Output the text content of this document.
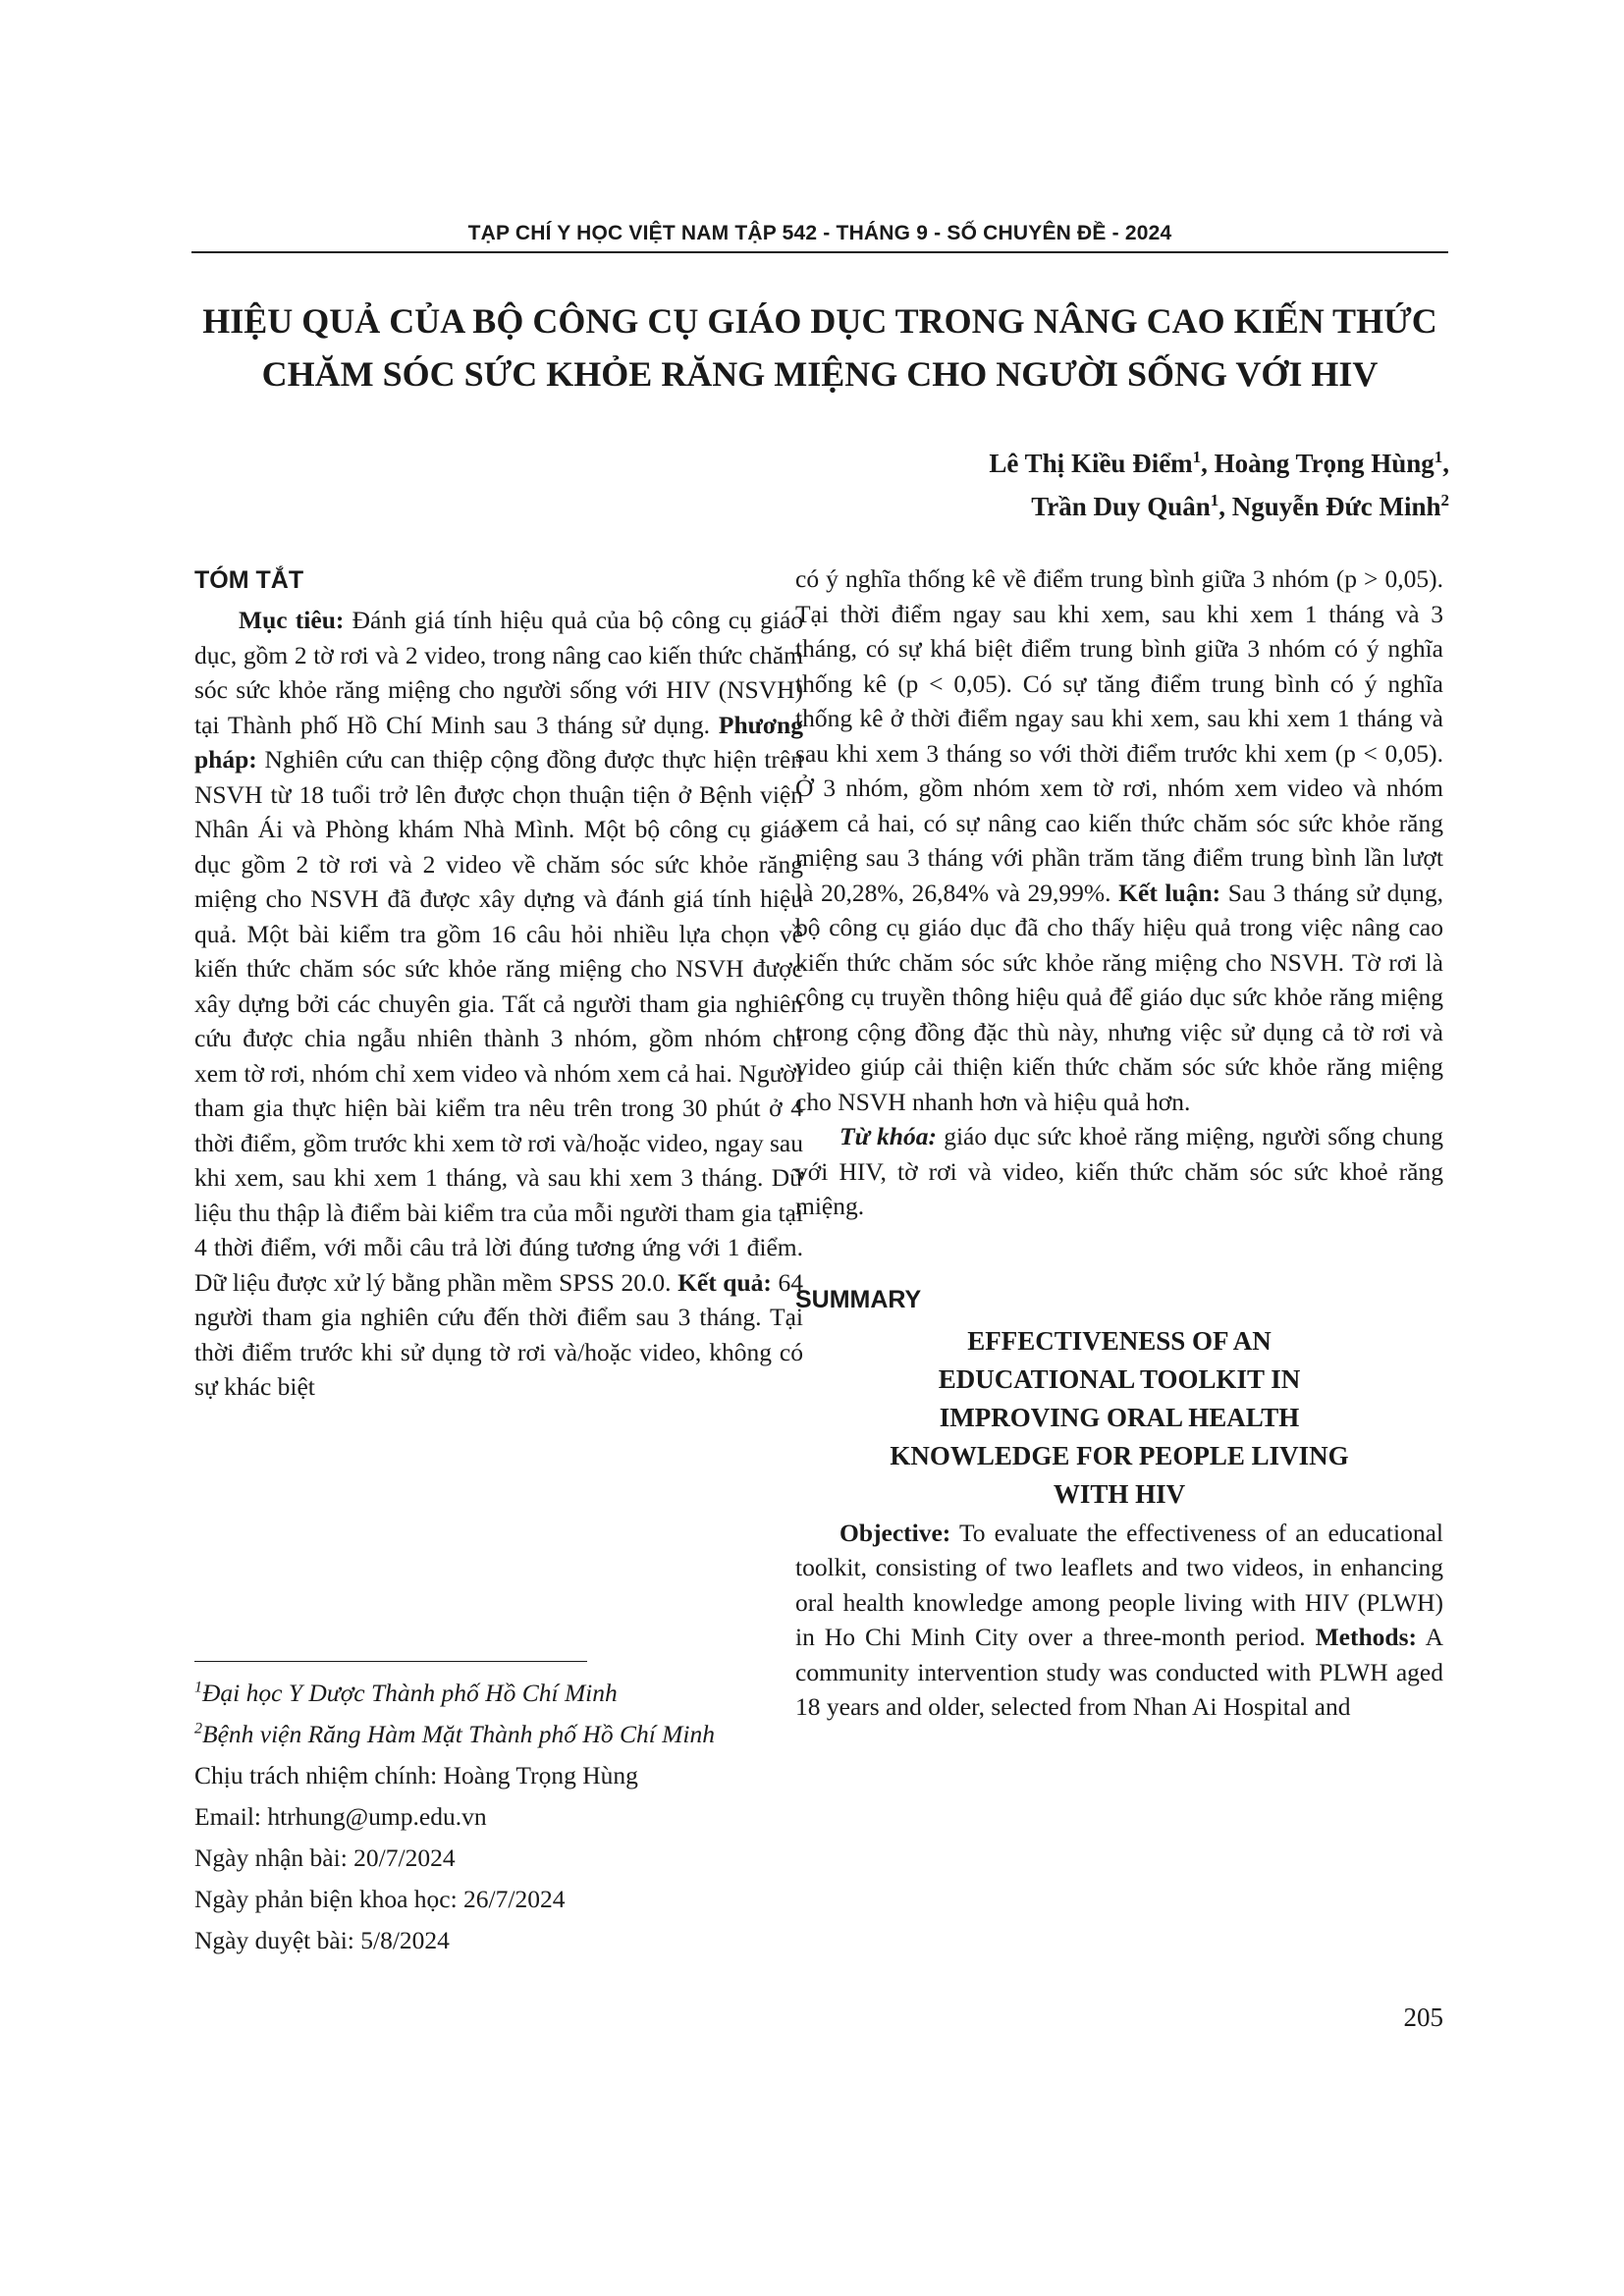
TẠP CHÍ Y HỌC VIỆT NAM TẬP 542 - THÁNG 9 - SỐ CHUYÊN ĐỀ - 2024
HIỆU QUẢ CỦA BỘ CÔNG CỤ GIÁO DỤC TRONG NÂNG CAO KIẾN THỨC
CHĂM SÓC SỨC KHỎE RĂNG MIỆNG CHO NGƯỜI SỐNG VỚI HIV
Lê Thị Kiều Điểm$^1$, Hoàng Trọng Hùng$^1$,
Trần Duy Quân$^1$, Nguyễn Đức Minh$^2$
TÓM TẮT

Mục tiêu: Đánh giá tính hiệu quả của bộ công cụ giáo dục, gồm 2 tờ rơi và 2 video, trong nâng cao kiến thức chăm sóc sức khỏe răng miệng cho người sống với HIV (NSVH) tại Thành phố Hồ Chí Minh sau 3 tháng sử dụng. Phương pháp: Nghiên cứu can thiệp cộng đồng được thực hiện trên NSVH từ 18 tuổi trở lên được chọn thuận tiện ở Bệnh viện Nhân Ái và Phòng khám Nhà Mình. Một bộ công cụ giáo dục gồm 2 tờ rơi và 2 video về chăm sóc sức khỏe răng miệng cho NSVH đã được xây dựng và đánh giá tính hiệu quả. Một bài kiểm tra gồm 16 câu hỏi nhiều lựa chọn về kiến thức chăm sóc sức khỏe răng miệng cho NSVH được xây dựng bởi các chuyên gia. Tất cả người tham gia nghiên cứu được chia ngẫu nhiên thành 3 nhóm, gồm nhóm chỉ xem tờ rơi, nhóm chỉ xem video và nhóm xem cả hai. Người tham gia thực hiện bài kiểm tra nêu trên trong 30 phút ở 4 thời điểm, gồm trước khi xem tờ rơi và/hoặc video, ngay sau khi xem, sau khi xem 1 tháng, và sau khi xem 3 tháng. Dữ liệu thu thập là điểm bài kiểm tra của mỗi người tham gia tại 4 thời điểm, với mỗi câu trả lời đúng tương ứng với 1 điểm. Dữ liệu được xử lý bằng phần mềm SPSS 20.0. Kết quả: 64 người tham gia nghiên cứu đến thời điểm sau 3 tháng. Tại thời điểm trước khi sử dụng tờ rơi và/hoặc video, không có sự khác biệt

có ý nghĩa thống kê về điểm trung bình giữa 3 nhóm (p > 0,05). Tại thời điểm ngay sau khi xem, sau khi xem 1 tháng và 3 tháng, có sự khá biệt điểm trung bình giữa 3 nhóm có ý nghĩa thống kê (p < 0,05). Có sự tăng điểm trung bình có ý nghĩa thống kê ở thời điểm ngay sau khi xem, sau khi xem 1 tháng và sau khi xem 3 tháng so với thời điểm trước khi xem (p < 0,05). Ở 3 nhóm, gồm nhóm xem tờ rơi, nhóm xem video và nhóm xem cả hai, có sự nâng cao kiến thức chăm sóc sức khỏe răng miệng sau 3 tháng với phần trăm tăng điểm trung bình lần lượt là 20,28%, 26,84% và 29,99%. Kết luận: Sau 3 tháng sử dụng, bộ công cụ giáo dục đã cho thấy hiệu quả trong việc nâng cao kiến thức chăm sóc sức khỏe răng miệng cho NSVH. Tờ rơi là công cụ truyền thông hiệu quả để giáo dục sức khỏe răng miệng trong cộng đồng đặc thù này, nhưng việc sử dụng cả tờ rơi và video giúp cải thiện kiến thức chăm sóc sức khỏe răng miệng cho NSVH nhanh hơn và hiệu quả hơn.

Từ khóa: giáo dục sức khoẻ răng miệng, người sống chung với HIV, tờ rơi và video, kiến thức chăm sóc sức khoẻ răng miệng.

SUMMARY
EFFECTIVENESS OF AN
EDUCATIONAL TOOLKIT IN
IMPROVING ORAL HEALTH
KNOWLEDGE FOR PEOPLE LIVING
WITH HIV

Objective: To evaluate the effectiveness of an educational toolkit, consisting of two leaflets and two videos, in enhancing oral health knowledge among people living with HIV (PLWH) in Ho Chi Minh City over a three-month period. Methods: A community intervention study was conducted with PLWH aged 18 years and older, selected from Nhan Ai Hospital and

$^1$Đại học Y Dược Thành phố Hồ Chí Minh

$^2$Bệnh viện Răng Hàm Mặt Thành phố Hồ Chí Minh

Chịu trách nhiệm chính: Hoàng Trọng Hùng

Email: htrhung@ump.edu.vn

Ngày nhận bài: 20/7/2024

Ngày phản biện khoa học: 26/7/2024

Ngày duyệt bài: 5/8/2024

205
